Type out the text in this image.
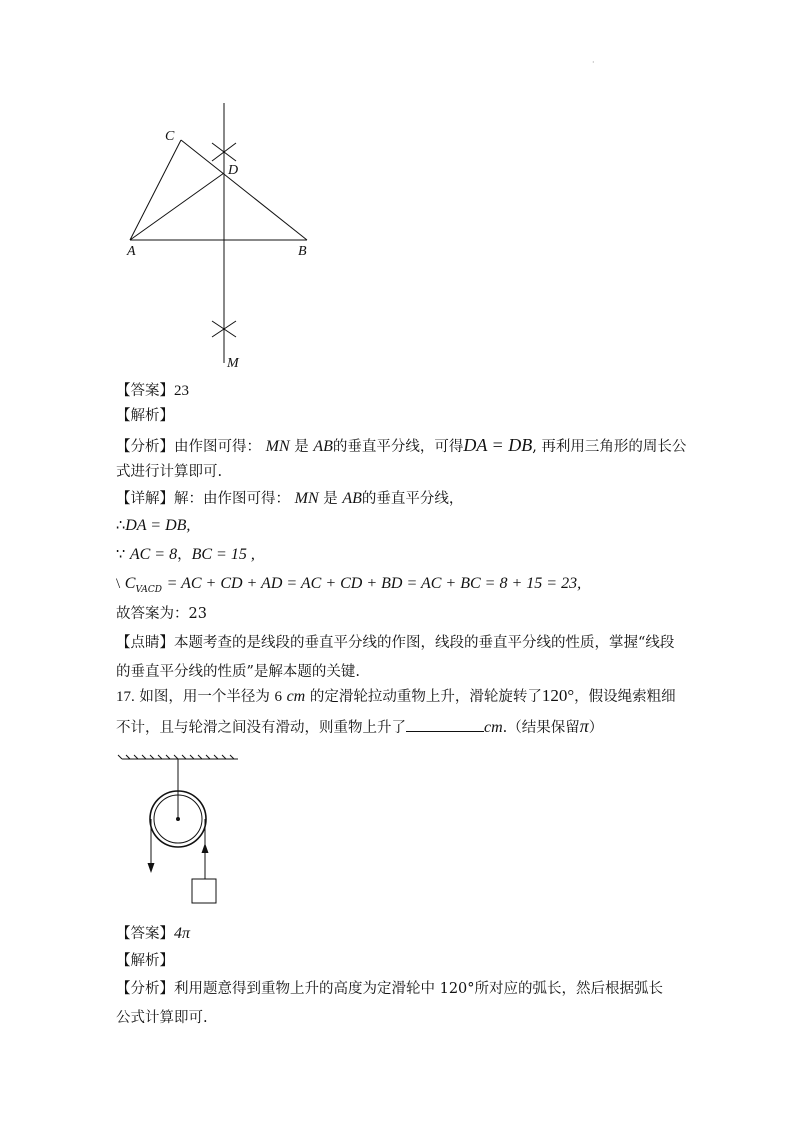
·
C
D
A	B
M
【答案】23
【解析】
【分析】由作图可得： MN 是 AB的垂直平分线，可得DA = DB, 再利用三角形的周长公
式进行计算即可.
【详解】解：由作图可得： MN 是 AB的垂直平分线，
∴DA = DB,
∵ AC = 8，BC = 15 ,
\ $C_{VACD}$ = AC + CD + AD = AC + CD + BD = AC + BC = 8 + 15 = 23,
故答案为：23
【点睛】本题考查的是线段的垂直平分线的作图，线段的垂直平分线的性质，掌握“线段的垂直平分线的性质”是解本题的关键.
17. 如图，用一个半径为 6 cm 的定滑轮拉动重物上升，滑轮旋转了120°，假设绳索粗细
不计，且与轮滑之间没有滑动，则重物上升了	cm.（结果保留π）
【答案】4π
【解析】
【分析】利用题意得到重物上升的高度为定滑轮中 120°所对应的弧长，然后根据弧长公式计算即可.
